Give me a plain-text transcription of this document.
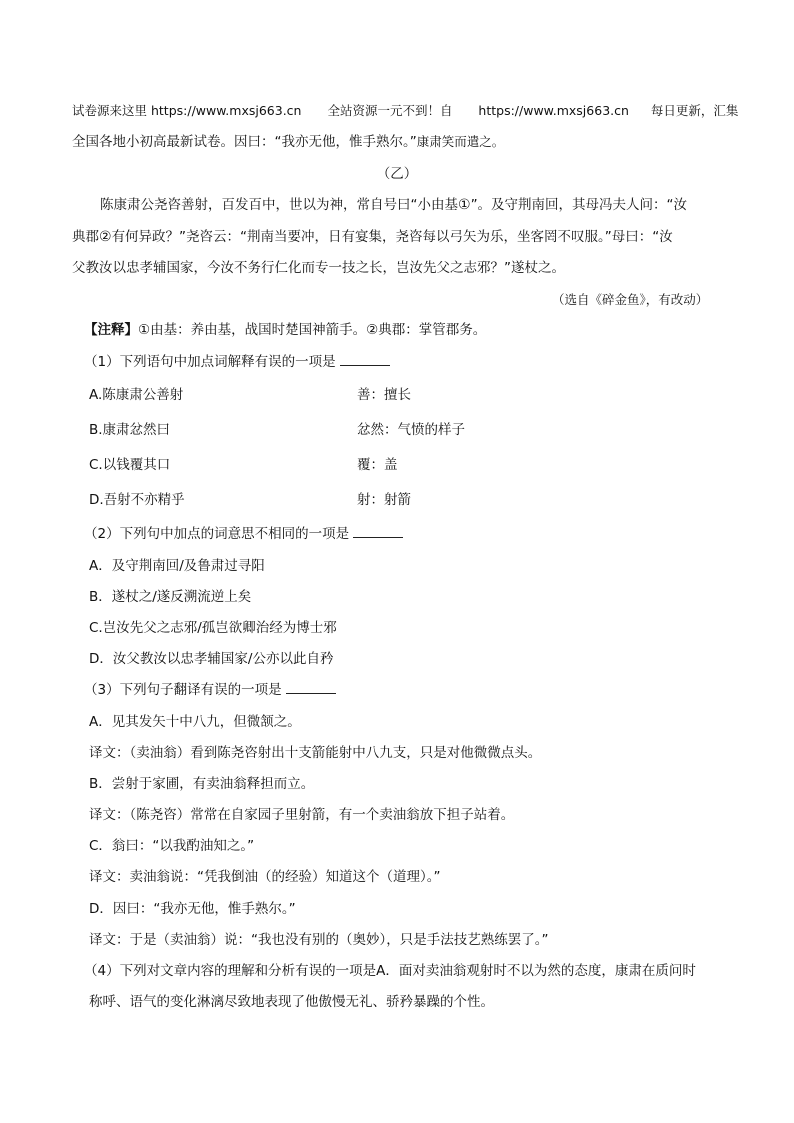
试卷源来这里 https://www.mxsj663.cn 全站资源一元不到！自 https://www.mxsj663.cn 每日更新，汇集
全国各地小初高最新试卷。因曰：“我亦无他，惟手熟尔。”康肃笑而遣之。
（乙）
陈康肃公尧咨善射，百发百中，世以为神，常自号曰“小由基①”。及守荆南回，其母冯夫人问：“汝
典郡②有何异政？”尧咨云：“荆南当要冲，日有宴集，尧咨每以弓矢为乐，坐客罔不叹服。”母曰：“汝
父教汝以忠孝辅国家，今汝不务行仁化而专一技之长，岂汝先父之志邪？”遂杖之。
（选自《碎金鱼》，有改动）
【注释】①由基：养由基，战国时楚国神箭手。②典郡：掌管郡务。
（1）下列语句中加点词解释有误的一项是
A.陈康肃公善射	善：擅长
B.康肃忿然曰	忿然：气愤的样子
C.以钱覆其口	覆：盖
D.吾射不亦精乎	射：射箭
（2）下列句中加点的词意思不相同的一项是
A．及守荆南回/及鲁肃过寻阳
B．遂杖之/遂反溯流逆上矣
C.岂汝先父之志邪/孤岂欲卿治经为博士邪
D．汝父教汝以忠孝辅国家/公亦以此自矜
（3）下列句子翻译有误的一项是
A．见其发矢十中八九，但微颔之。
译文：（卖油翁）看到陈尧咨射出十支箭能射中八九支，只是对他微微点头。
B．尝射于家圃，有卖油翁释担而立。
译文：（陈尧咨）常常在自家园子里射箭，有一个卖油翁放下担子站着。
C．翁曰：“以我酌油知之。”
译文：卖油翁说：“凭我倒油（的经验）知道这个（道理）。”
D．因曰：“我亦无他，惟手熟尔。”
译文：于是（卖油翁）说：“我也没有别的（奥妙），只是手法技艺熟练罢了。”
（4）下列对文章内容的理解和分析有误的一项是A．面对卖油翁观射时不以为然的态度，康肃在质问时
称呼、语气的变化淋漓尽致地表现了他傲慢无礼、骄矜暴躁的个性。
